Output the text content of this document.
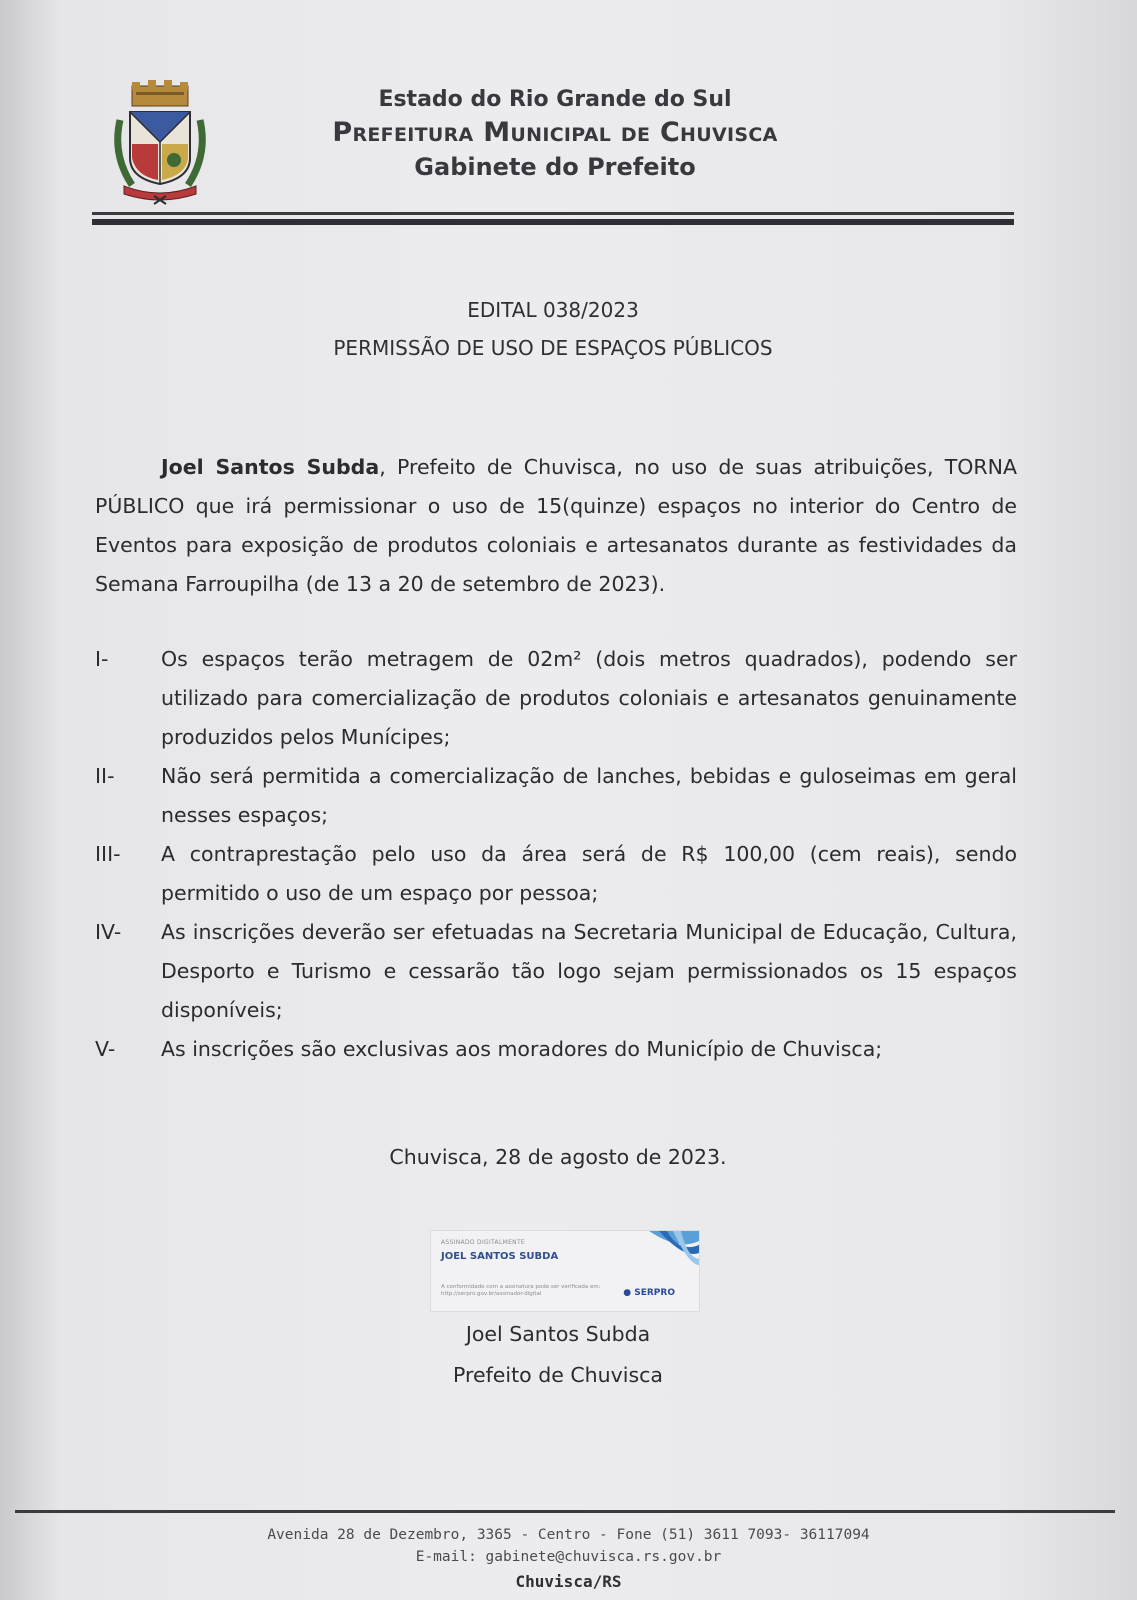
Estado do Rio Grande do Sul

Prefeitura Municipal de Chuvisca

Gabinete do Prefeito

EDITAL 038/2023
PERMISSÃO DE USO DE ESPAÇOS PÚBLICOS

Joel Santos Subda, Prefeito de Chuvisca, no uso de suas atribuições, TORNA PÚBLICO que irá permissionar o uso de 15(quinze) espaços no interior do Centro de Eventos para exposição de produtos coloniais e artesanatos durante as festividades da Semana Farroupilha (de 13 a 20 de setembro de 2023).

I-	Os espaços terão metragem de 02m² (dois metros quadrados), podendo ser utilizado para comercialização de produtos coloniais e artesanatos genuinamente produzidos pelos Munícipes;
II-	Não será permitida a comercialização de lanches, bebidas e guloseimas em geral nesses espaços;
III-	A contraprestação pelo uso da área será de R$ 100,00 (cem reais), sendo permitido o uso de um espaço por pessoa;
IV-	As inscrições deverão ser efetuadas na Secretaria Municipal de Educação, Cultura, Desporto e Turismo e cessarão tão logo sejam permissionados os 15 espaços disponíveis;
V-	As inscrições são exclusivas aos moradores do Município de Chuvisca;
Chuvisca, 28 de agosto de 2023.
ASSINADO DIGITALMENTE
JOEL SANTOS SUBDA
A conformidade com a assinatura pode ser verificada em: http://serpro.gov.br/assinador-digital	● SERPRO
Joel Santos Subda
Prefeito de Chuvisca
Avenida 28 de Dezembro, 3365 - Centro - Fone (51) 3611 7093- 36117094
E-mail: gabinete@chuvisca.rs.gov.br
Chuvisca/RS
